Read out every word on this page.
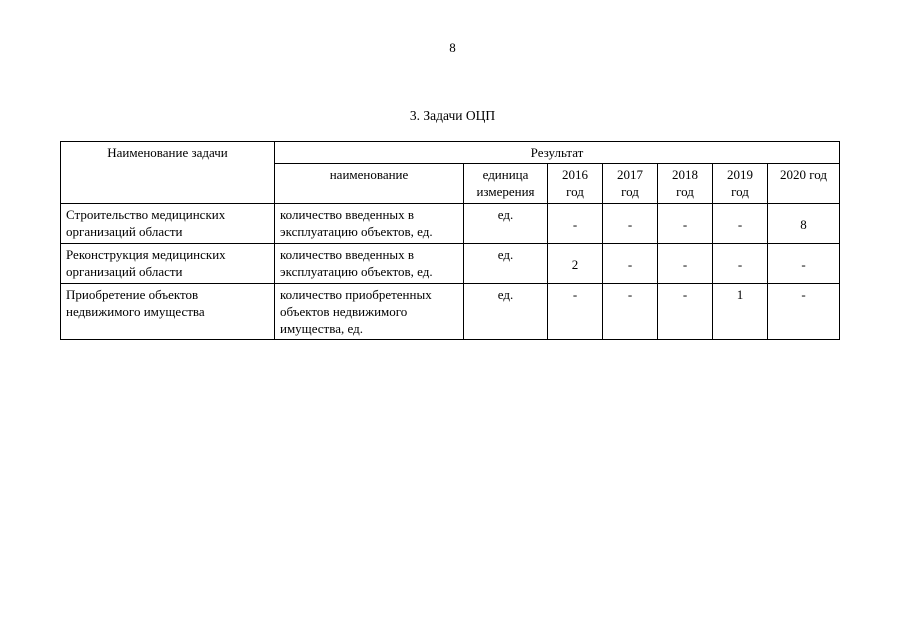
8
3. Задачи ОЦП
Наименование задачи	Результат						
	наименование	единица измерения	2016 год	2017 год	2018 год	2019 год	2020 год
Строительство медицинских организаций области	количество введенных в эксплуатацию объектов, ед.	ед.	-	-	-	-	8
Реконструкция медицинских организаций области	количество введенных в эксплуатацию объектов, ед.	ед.	2	-	-	-	-
Приобретение объектов недвижимого имущества	количество приобретенных объектов недвижимого имущества, ед.	ед.	-	-	-	1	-
